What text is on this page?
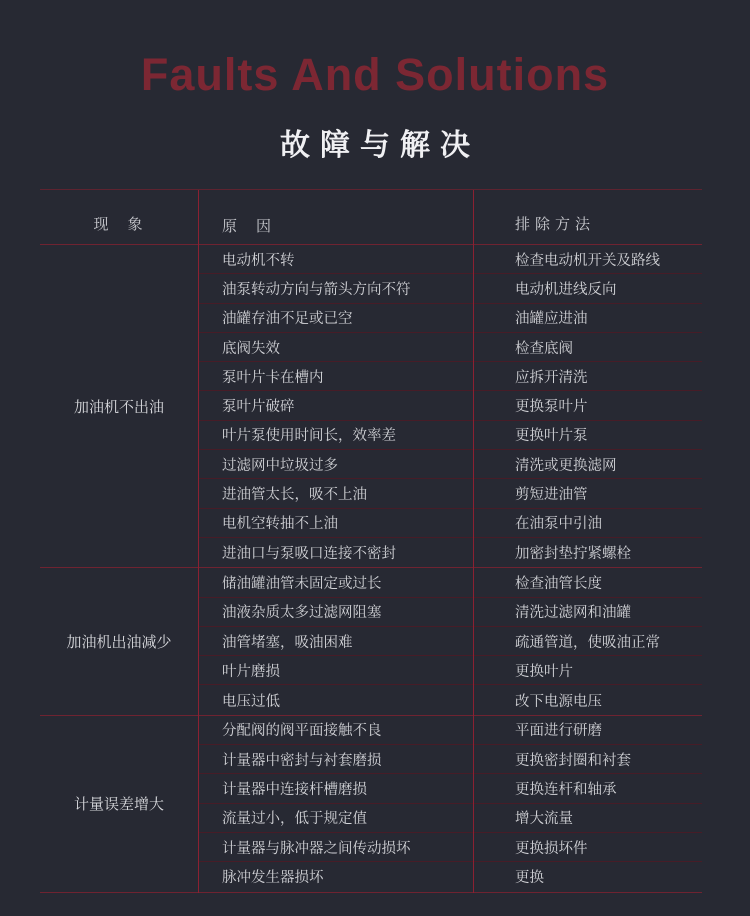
Faults And Solutions
故障与解决
现　象	原　因	排除方法
加油机不出油
电动机不转	检查电动机开关及路线
油泵转动方向与箭头方向不符	电动机进线反向
油罐存油不足或已空	油罐应进油
底阀失效	检查底阀
泵叶片卡在槽内	应拆开清洗
泵叶片破碎	更换泵叶片
叶片泵使用时间长，效率差	更换叶片泵
过滤网中垃圾过多	清洗或更换滤网
进油管太长，吸不上油	剪短进油管
电机空转抽不上油	在油泵中引油
进油口与泵吸口连接不密封	加密封垫拧紧螺栓
加油机出油减少
储油罐油管未固定或过长	检查油管长度
油液杂质太多过滤网阻塞	清洗过滤网和油罐
油管堵塞，吸油困难	疏通管道，使吸油正常
叶片磨损	更换叶片
电压过低	改下电源电压
计量误差增大
分配阀的阀平面接触不良	平面进行研磨
计量器中密封与衬套磨损	更换密封圈和衬套
计量器中连接杆槽磨损	更换连杆和轴承
流量过小，低于规定值	增大流量
计量器与脉冲器之间传动损坏	更换损坏件
脉冲发生器损坏	更换
